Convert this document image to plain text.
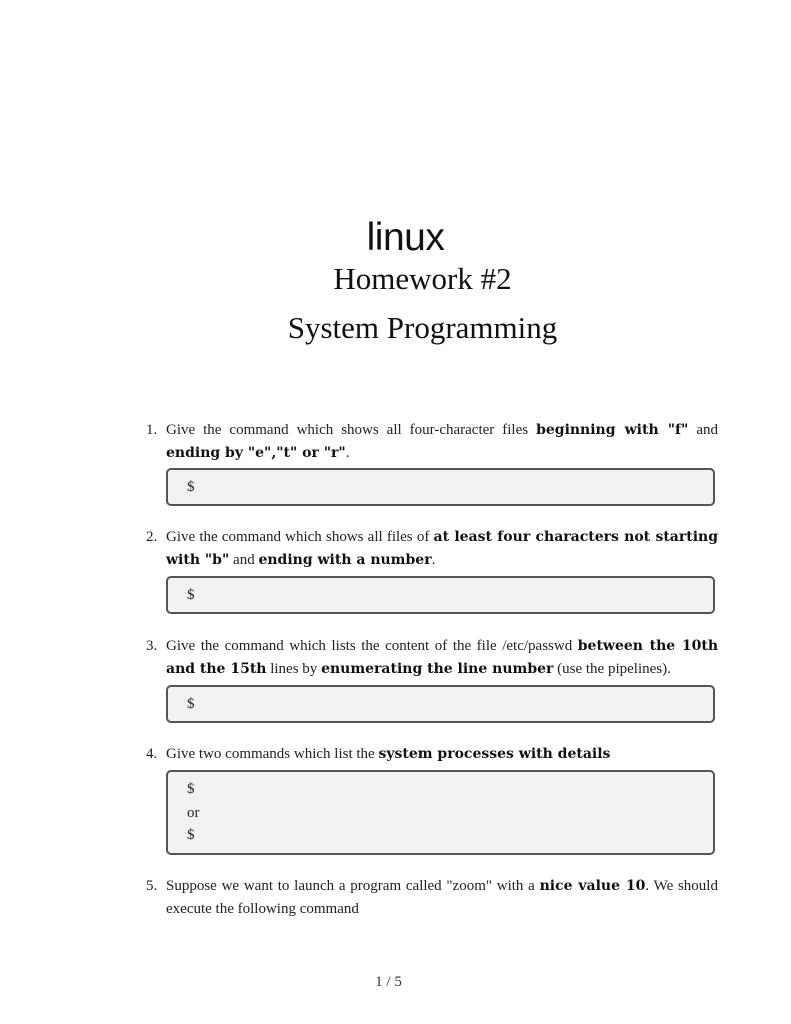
linux
Homework #2
System Programming
1. Give the command which shows all four-character files beginning with "f" and ending by "e","t" or "r".
$
2. Give the command which shows all files of at least four characters not starting with "b" and ending with a number.
$
3. Give the command which lists the content of the file /etc/passwd between the 10th and the 15th lines by enumerating the line number (use the pipelines).
$
4. Give two commands which list the system processes with details
$
or
$
5. Suppose we want to launch a program called "zoom" with a nice value 10. We should execute the following command
1 / 5
